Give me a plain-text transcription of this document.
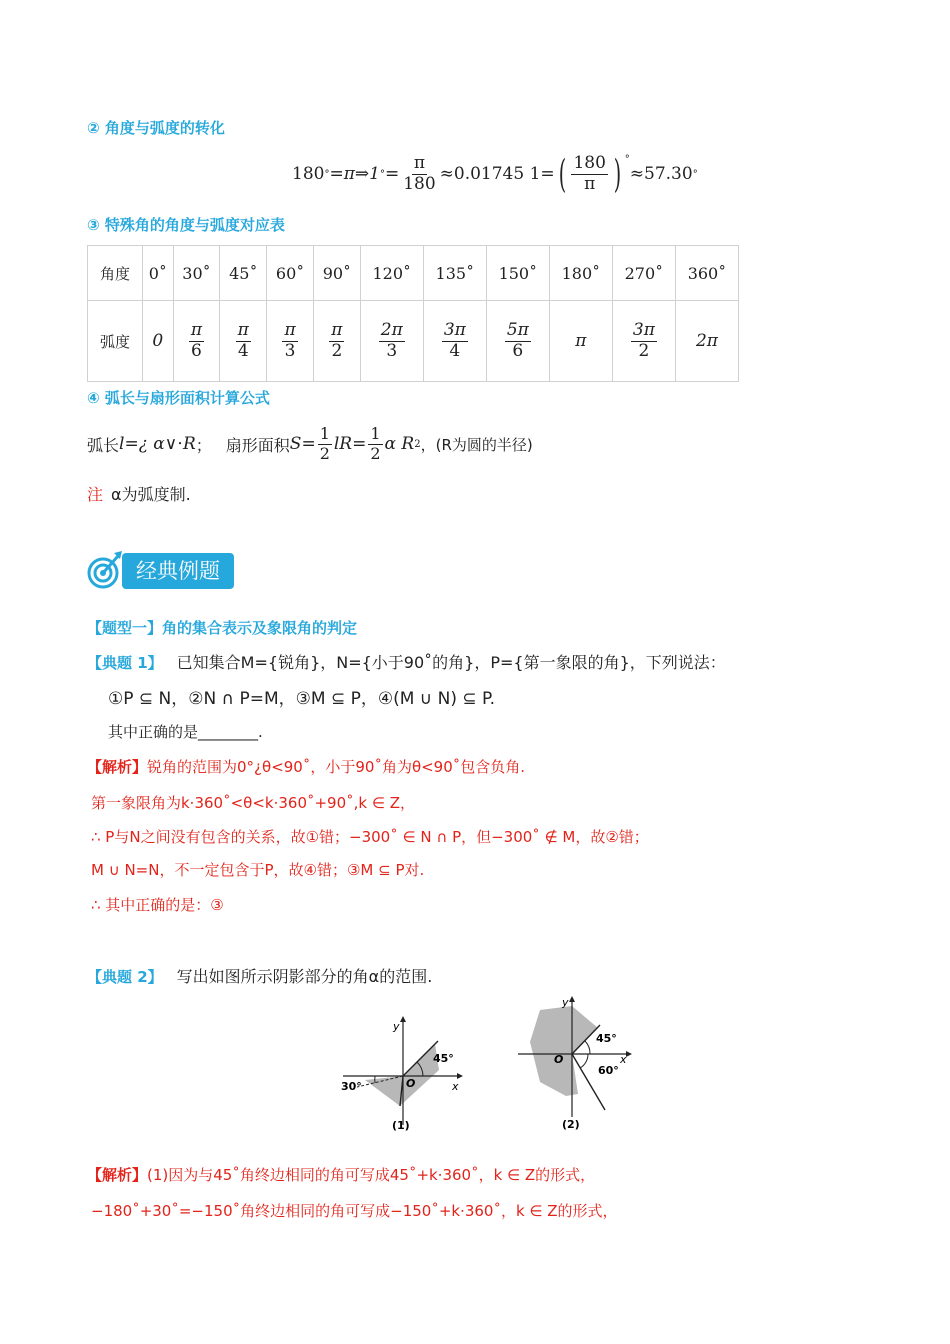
② 角度与弧度的转化
180 ° =π⇒1 ° = $\frac{\pi}{180} \approx 0.01745$ 1= ( $\frac{180}{\pi}$ ) °
≈57.30 °
③ 特殊角的角度与弧度对应表
角度	0˚	30˚	45˚	60˚	90˚	120˚	135˚	150˚	180˚	270˚	360˚
弧度	0	$\frac{\pi}{6}$	$\frac{\pi}{4}$	$\frac{\pi}{3}$	$\frac{\pi}{2}$	$\frac{2\pi}{3}$	$\frac{3\pi}{4}$	$\frac{5\pi}{6}$	π	$\frac{3\pi}{2}$	2π
④ 弧长与扇形面积计算公式
弧长 l=¿ α∨⋅R ； 扇形面积 $S= \frac{1}{2} lR= \frac{1}{2}$ α R 2 ，(R为圆的半径)
注 α为弧度制.
经典例题
【题型一】角的集合表示及象限角的判定
【典题 1】 已知集合M={锐角}，N={小于90˚的角}，P={第一象限的角}，下列说法：
①P ⊆ N，②N ∩ P=M，③M ⊆ P，④(M ∪ N) ⊆ P.
其中正确的是________.
【解析】锐角的范围为0°¿θ<90˚，小于90˚角为θ<90˚包含负角.
第一象限角为k⋅360˚<θ<k⋅360˚+90˚,k ∈ Z，
∴ P与N之间没有包含的关系，故①错；−300˚ ∈ N ∩ P，但−300˚ ∉ M，故②错；
M ∪ N=N，不一定包含于P，故④错；③M ⊆ P对.
∴ 其中正确的是：③
【典题 2】 写出如图所示阴影部分的角α的范围.
45°
30°	O	x
y
(1)
45°
60°
O	x
y
(2)
【解析】(1)因为与45˚角终边相同的角可写成45˚+k⋅360˚，k ∈ Z的形式，
−180˚+30˚=−150˚角终边相同的角可写成−150˚+k⋅360˚，k ∈ Z的形式，
